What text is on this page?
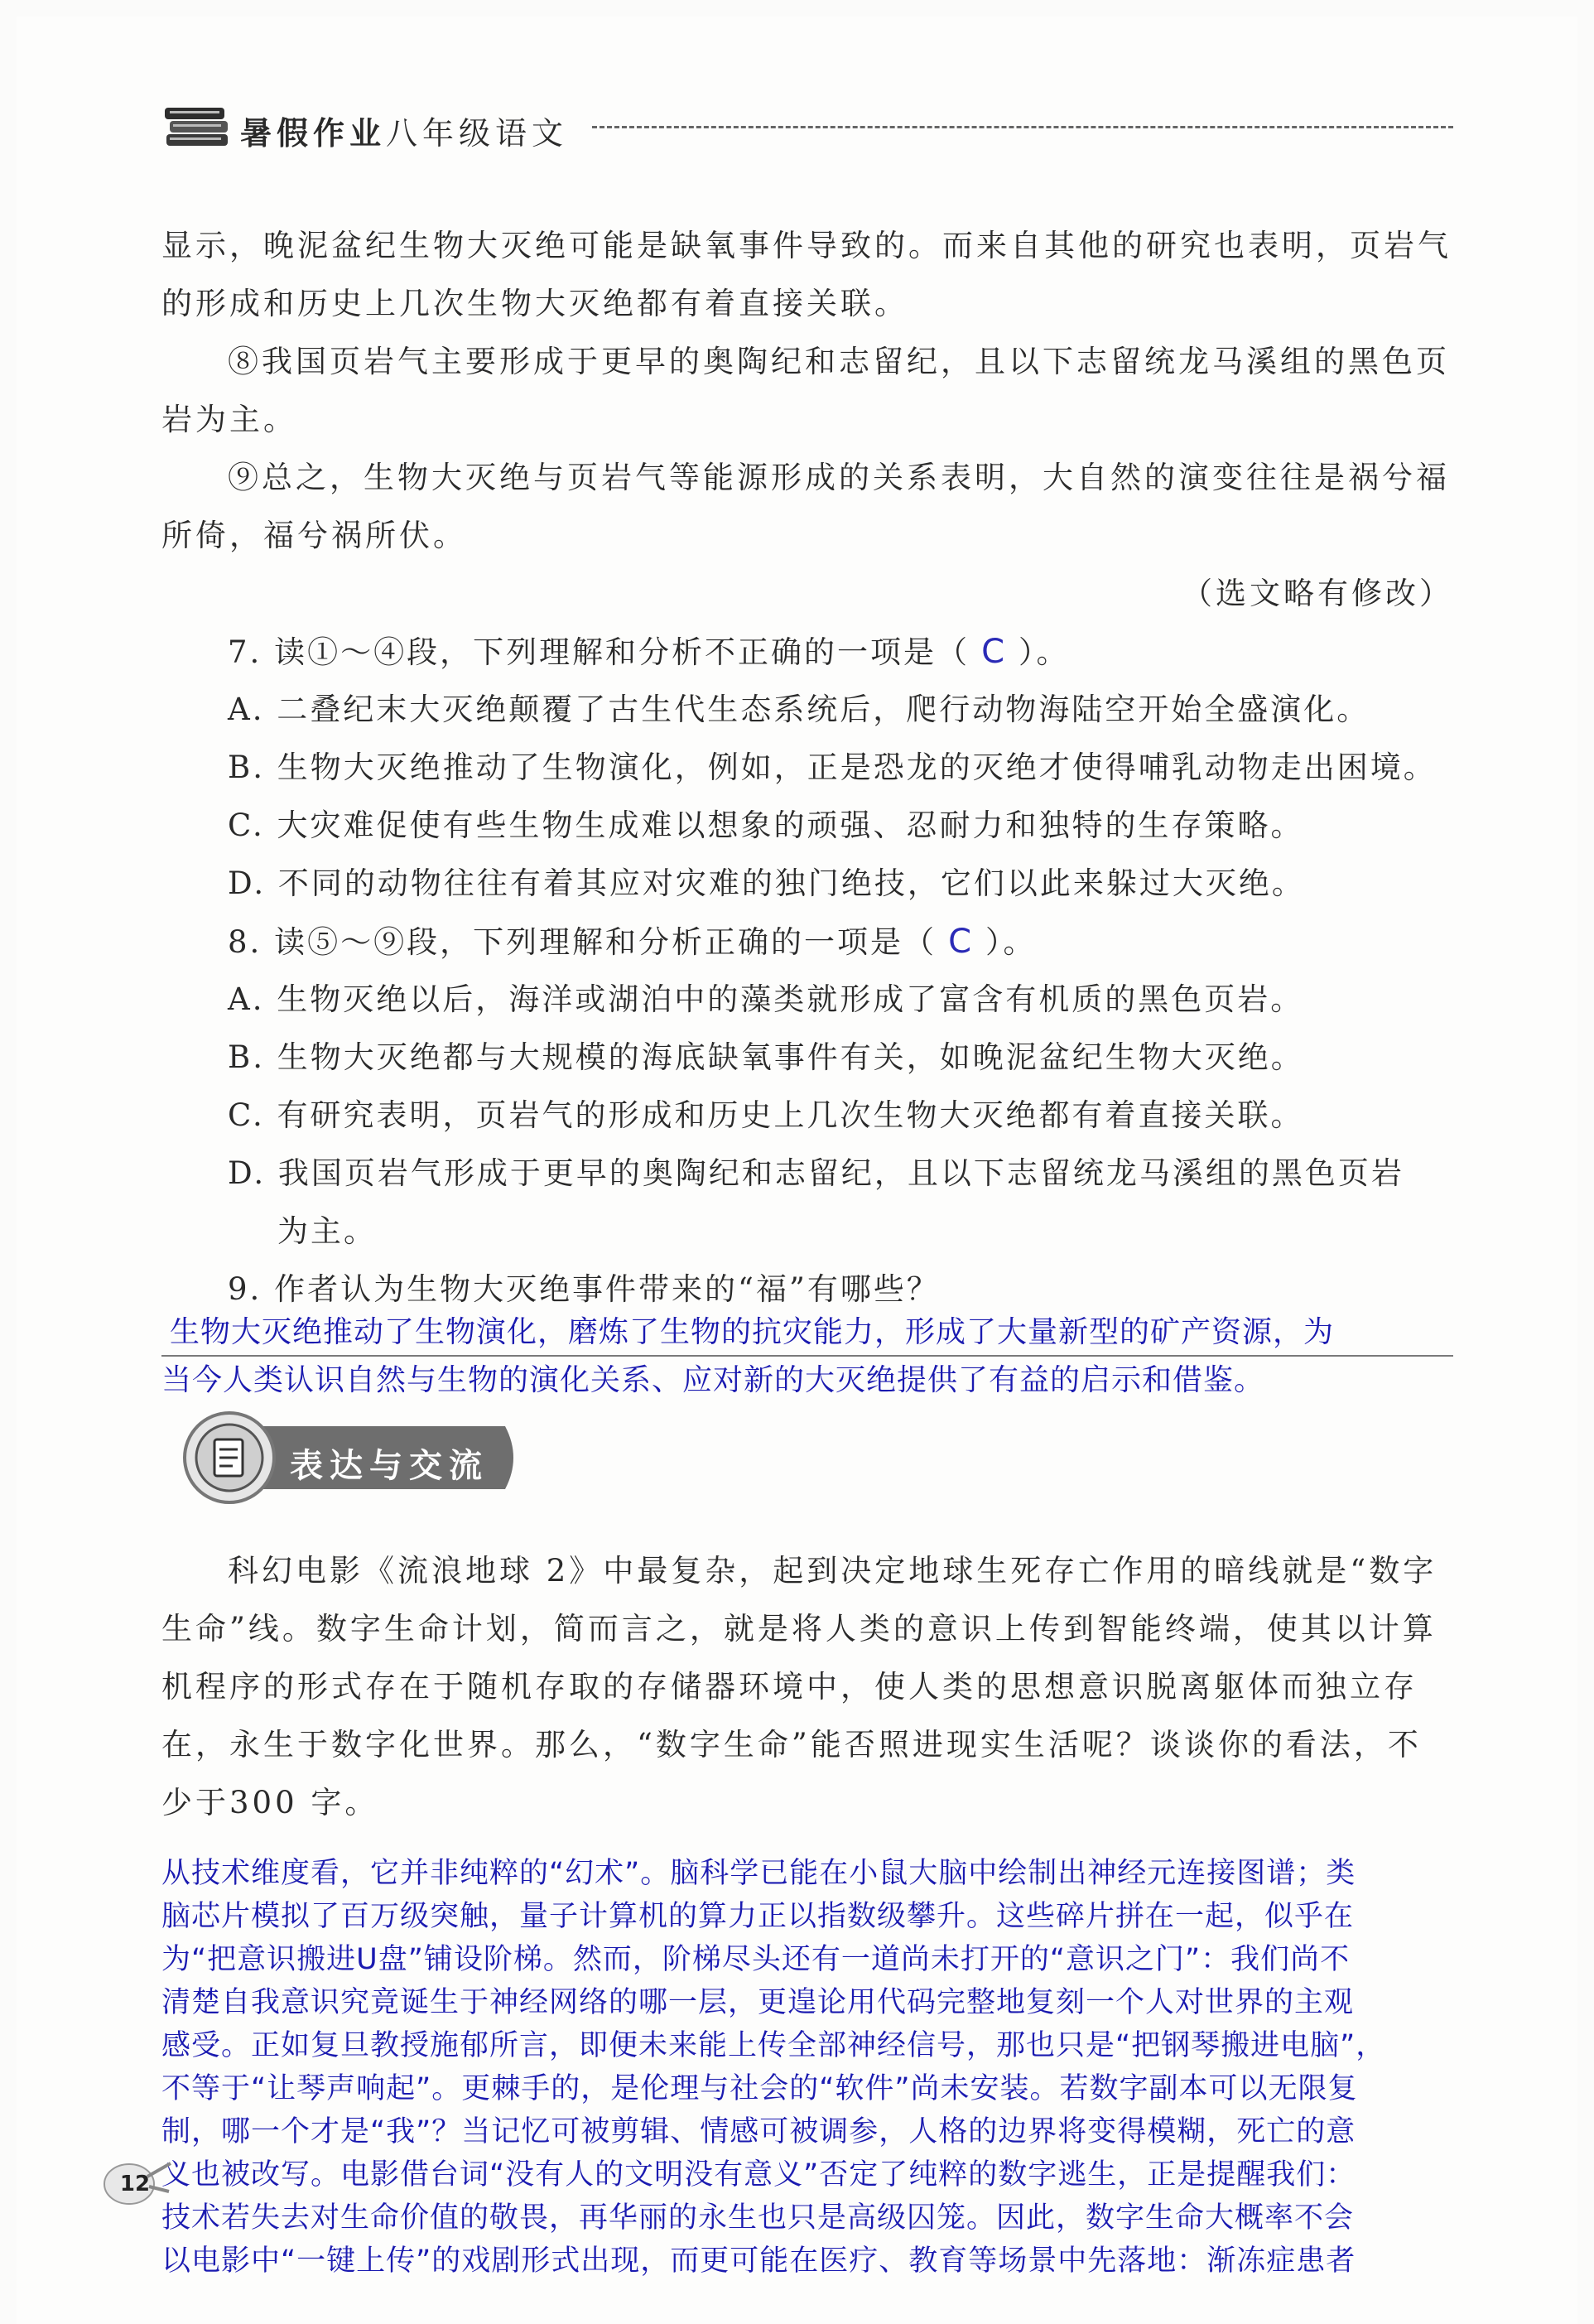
暑假作业八年级语文
显示，晚泥盆纪生物大灭绝可能是缺氧事件导致的。而来自其他的研究也表明，页岩气
的形成和历史上几次生物大灭绝都有着直接关联。
⑧我国页岩气主要形成于更早的奥陶纪和志留纪，且以下志留统龙马溪组的黑色页岩为主。
⑨总之，生物大灭绝与页岩气等能源形成的关系表明，大自然的演变往往是祸兮福所倚，福兮祸所伏。
（选文略有修改）
7. 读①～④段，下列理解和分析不正确的一项是（ C ）。
A. 二叠纪末大灭绝颠覆了古生代生态系统后，爬行动物海陆空开始全盛演化。
B. 生物大灭绝推动了生物演化，例如，正是恐龙的灭绝才使得哺乳动物走出困境。
C. 大灾难促使有些生物生成难以想象的顽强、忍耐力和独特的生存策略。
D. 不同的动物往往有着其应对灾难的独门绝技，它们以此来躲过大灭绝。
8. 读⑤～⑨段，下列理解和分析正确的一项是（ C ）。
A. 生物灭绝以后，海洋或湖泊中的藻类就形成了富含有机质的黑色页岩。
B. 生物大灭绝都与大规模的海底缺氧事件有关，如晚泥盆纪生物大灭绝。
C. 有研究表明，页岩气的形成和历史上几次生物大灭绝都有着直接关联。
D. 我国页岩气形成于更早的奥陶纪和志留纪，且以下志留统龙马溪组的黑色页岩
为主。
9. 作者认为生物大灭绝事件带来的“福”有哪些？
生物大灭绝推动了生物演化，磨炼了生物的抗灾能力，形成了大量新型的矿产资源，为
当今人类认识自然与生物的演化关系、应对新的大灭绝提供了有益的启示和借鉴。
表达与交流
科幻电影《流浪地球 2》中最复杂，起到决定地球生死存亡作用的暗线就是“数字生命”线。数字生命计划，简而言之，就是将人类的意识上传到智能终端，使其以计算机程序的形式存在于随机存取的存储器环境中，使人类的思想意识脱离躯体而独立存在，永生于数字化世界。那么，“数字生命”能否照进现实生活呢？谈谈你的看法，不少于300 字。
从技术维度看，它并非纯粹的“幻术”。脑科学已能在小鼠大脑中绘制出神经元连接图谱；类
脑芯片模拟了百万级突触，量子计算机的算力正以指数级攀升。这些碎片拼在一起，似乎在
为“把意识搬进U盘”铺设阶梯。然而，阶梯尽头还有一道尚未打开的“意识之门”：我们尚不
清楚自我意识究竟诞生于神经网络的哪一层，更遑论用代码完整地复刻一个人对世界的主观
感受。正如复旦教授施郁所言，即便未来能上传全部神经信号，那也只是“把钢琴搬进电脑”，
不等于“让琴声响起”。更棘手的，是伦理与社会的“软件”尚未安装。若数字副本可以无限复
制，哪一个才是“我”？当记忆可被剪辑、情感可被调参，人格的边界将变得模糊，死亡的意
义也被改写。电影借台词“没有人的文明没有意义”否定了纯粹的数字逃生，正是提醒我们：
技术若失去对生命价值的敬畏，再华丽的永生也只是高级囚笼。因此，数字生命大概率不会
以电影中“一键上传”的戏剧形式出现，而更可能在医疗、教育等场景中先落地：渐冻症患者
12
